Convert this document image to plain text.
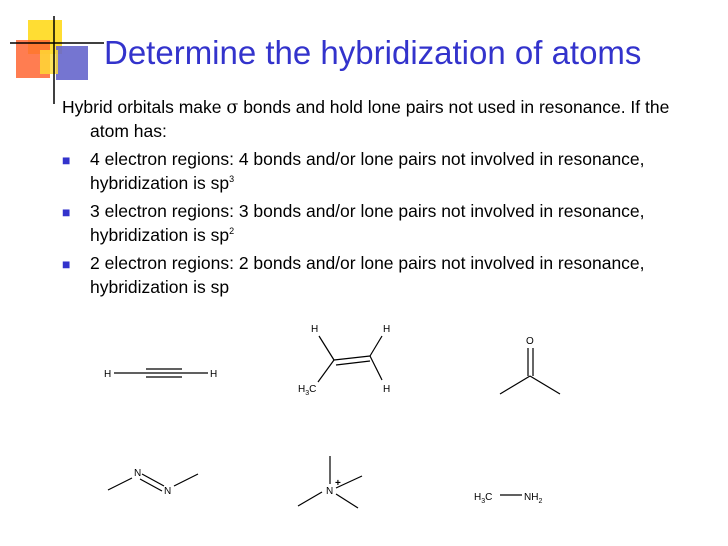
Determine the hybridization of atoms

Hybrid orbitals make σ bonds and hold lone pairs not used in resonance. If the atom has:

■ 4 electron regions: 4 bonds and/or lone pairs not involved in resonance, hybridization is $sp^3$

■ 3 electron regions: 3 bonds and/or lone pairs not involved in resonance, hybridization is $sp^2$

■ 2 electron regions: 2 bonds and/or lone pairs not involved in resonance, hybridization is sp

H	H
H	H
$H_3C$	H
O
N
N	N
+
$H_3C$	$NH_2$
